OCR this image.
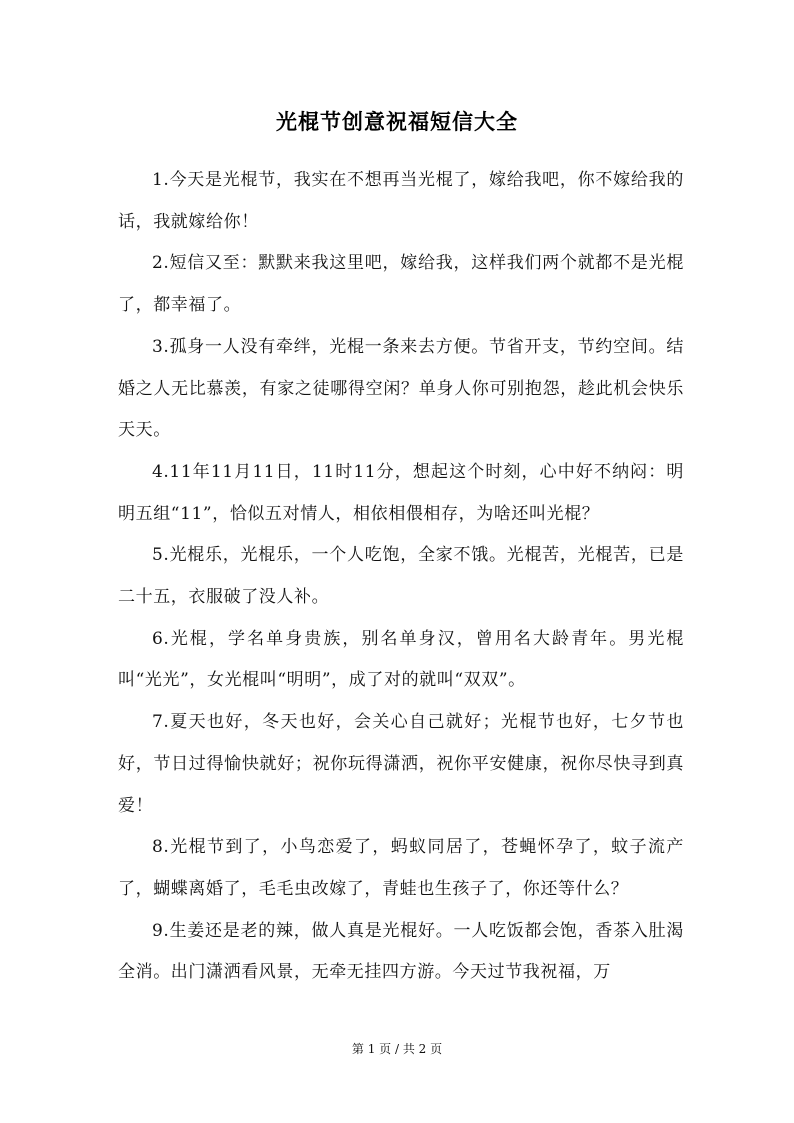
光棍节创意祝福短信大全

1.今天是光棍节，我实在不想再当光棍了，嫁给我吧，你不嫁给我的话，我就嫁给你！

2.短信又至：默默来我这里吧，嫁给我，这样我们两个就都不是光棍了，都幸福了。

3.孤身一人没有牵绊，光棍一条来去方便。节省开支，节约空间。结婚之人无比慕羡，有家之徒哪得空闲？单身人你可别抱怨，趁此机会快乐天天。

4.11年11月11日，11时11分，想起这个时刻，心中好不纳闷：明明五组“11”，恰似五对情人，相依相偎相存，为啥还叫光棍？

5.光棍乐，光棍乐，一个人吃饱，全家不饿。光棍苦，光棍苦，已是二十五，衣服破了没人补。

6.光棍，学名单身贵族，别名单身汉，曾用名大龄青年。男光棍叫“光光”，女光棍叫“明明”，成了对的就叫“双双”。

7.夏天也好，冬天也好，会关心自己就好；光棍节也好，七夕节也好，节日过得愉快就好；祝你玩得潇洒，祝你平安健康，祝你尽快寻到真爱！

8.光棍节到了，小鸟恋爱了，蚂蚁同居了，苍蝇怀孕了，蚊子流产了，蝴蝶离婚了，毛毛虫改嫁了，青蛙也生孩子了，你还等什么？

9.生姜还是老的辣，做人真是光棍好。一人吃饭都会饱，香茶入肚渴全消。出门潇洒看风景，无牵无挂四方游。今天过节我祝福，万

第 1 页 / 共 2 页
